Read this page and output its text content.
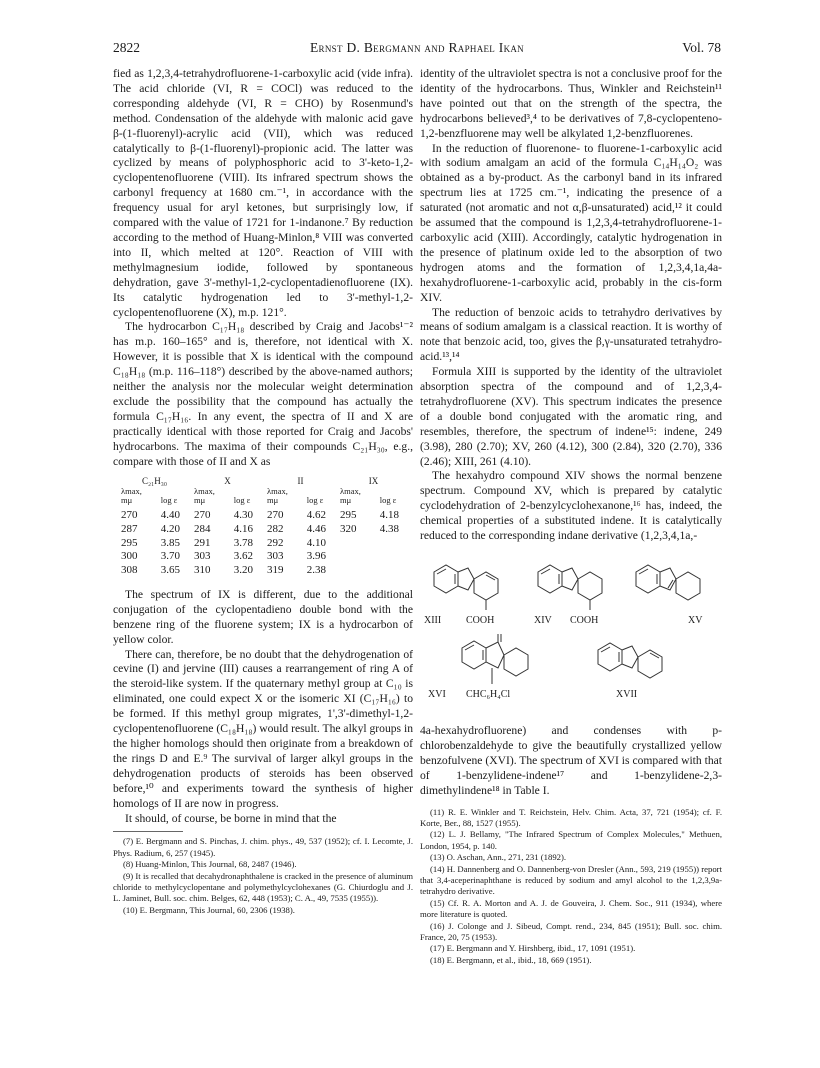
2822	Ernst D. Bergmann and Raphael Ikan	Vol. 78

fied as 1,2,3,4-tetrahydrofluorene-1-carboxylic acid (vide infra). The acid chloride (VI, R = COCl) was reduced to the corresponding aldehyde (VI, R = CHO) by Rosenmund's method. Condensation of the aldehyde with malonic acid gave β-(1-fluorenyl)-acrylic acid (VII), which was reduced catalytically to β-(1-fluorenyl)-propionic acid. The latter was cyclized by means of polyphosphoric acid to 3'-keto-1,2-cyclopentenofluorene (VIII). Its infrared spectrum shows the carbonyl frequency at 1680 cm.⁻¹, in accordance with the frequency usual for aryl ketones, but surprisingly low, if compared with the value of 1721 for 1-indanone.⁷ By reduction according to the method of Huang-Minlon,⁸ VIII was converted into II, which melted at 120°. Reaction of VIII with methylmagnesium iodide, followed by spontaneous dehydration, gave 3'-methyl-1,2-cyclopentadienofluorene (IX). Its catalytic hydrogenation led to 3'-methyl-1,2-cyclopentenofluorene (X), m.p. 121°.

The hydrocarbon C₁₇H₁₈ described by Craig and Jacobs¹⁻² has m.p. 160–165° and is, therefore, not identical with X. However, it is possible that X is identical with the compound C₁₈H₁₈ (m.p. 116–118°) described by the above-named authors; neither the analysis nor the molecular weight determination exclude the possibility that the compound has actually the formula C₁₇H₁₆. In any event, the spectra of II and X are practically identical with those reported for Craig and Jacobs' hydrocarbons. The maxima of their compounds C₂₁H₃₀, e.g., compare with those of II and X as

C₂₁H₃₀		X		II		IX	
λmax, mμ	log ε	λmax, mμ	log ε	λmax, mμ	log ε	λmax, mμ	log ε
270	4.40	270	4.30	270	4.62	295	4.18
287	4.20	284	4.16	282	4.46	320	4.38
295	3.85	291	3.78	292	4.10		
300	3.70	303	3.62	303	3.96		
308	3.65	310	3.20	319	2.38		

The spectrum of IX is different, due to the additional conjugation of the cyclopentadieno double bond with the benzene ring of the fluorene system; IX is a hydrocarbon of yellow color.

There can, therefore, be no doubt that the dehydrogenation of cevine (I) and jervine (III) causes a rearrangement of ring A of the steroid-like system. If the quaternary methyl group at C₁₀ is eliminated, one could expect X or the isomeric XI (C₁₇H₁₆) to be formed. If this methyl group migrates, 1',3'-dimethyl-1,2-cyclopentenofluorene (C₁₈H₁₈) would result. The alkyl groups in the higher homologs should then originate from a breakdown of the rings D and E.⁹ The survival of larger alkyl groups in the dehydrogenation products of steroids has been observed before,¹⁰ and experiments toward the synthesis of higher homologs of II are now in progress.

It should, of course, be borne in mind that the

(7) E. Bergmann and S. Pinchas, J. chim. phys., 49, 537 (1952); cf. I. Lecomte, J. Phys. Radium, 6, 257 (1945).

(8) Huang-Minlon, This Journal, 68, 2487 (1946).

(9) It is recalled that decahydronaphthalene is cracked in the presence of aluminum chloride to methylcyclopentane and polymethylcyclohexanes (G. Chiurdoglu and J. L. Jaminet, Bull. soc. chim. Belges, 62, 448 (1953); C. A., 49, 7535 (1955)).

(10) E. Bergmann, This Journal, 60, 2306 (1938).

identity of the ultraviolet spectra is not a conclusive proof for the identity of the hydrocarbons. Thus, Winkler and Reichstein¹¹ have pointed out that on the strength of the spectra, the hydrocarbons believed³,⁴ to be derivatives of 7,8-cyclopenteno-1,2-benzfluorene may well be alkylated 1,2-benzfluorenes.

In the reduction of fluorenone- to fluorene-1-carboxylic acid with sodium amalgam an acid of the formula C₁₄H₁₄O₂ was obtained as a by-product. As the carbonyl band in its infrared spectrum lies at 1725 cm.⁻¹, indicating the presence of a saturated (not aromatic and not α,β-unsaturated) acid,¹² it could be assumed that the compound is 1,2,3,4-tetrahydrofluorene-1-carboxylic acid (XIII). Accordingly, catalytic hydrogenation in the presence of platinum oxide led to the absorption of two hydrogen atoms and the formation of 1,2,3,4,1a,4a-hexahydrofluorene-1-carboxylic acid, probably in the cis-form XIV.

The reduction of benzoic acids to tetrahydro derivatives by means of sodium amalgam is a classical reaction. It is worthy of note that benzoic acid, too, gives the β,γ-unsaturated tetrahydro-acid.¹³,¹⁴

Formula XIII is supported by the identity of the ultraviolet absorption spectra of the compound and of 1,2,3,4-tetrahydrofluorene (XV). This spectrum indicates the presence of a double bond conjugated with the aromatic ring, and resembles, therefore, the spectrum of indene¹⁵: indene, 249 (3.98), 280 (2.70); XV, 260 (4.12), 300 (2.84), 320 (2.70), 336 (2.46); XIII, 261 (4.10).

The hexahydro compound XIV shows the normal benzene spectrum. Compound XV, which is prepared by catalytic cyclodehydration of 2-benzylcyclohexanone,¹⁶ has, indeed, the chemical properties of a substituted indene. It is catalytically reduced to the corresponding indane derivative (1,2,3,4,1a,-

XIII COOH	XIV COOH	XV
XVI CHC₆H₄Cl	XVII

4a-hexahydrofluorene) and condenses with p-chlorobenzaldehyde to give the beautifully crystallized yellow benzofulvene (XVI). The spectrum of XVI is compared with that of 1-benzylidene-indene¹⁷ and 1-benzylidene-2,3-dimethylindene¹⁸ in Table I.

(11) R. E. Winkler and T. Reichstein, Helv. Chim. Acta, 37, 721 (1954); cf. F. Korte, Ber., 88, 1527 (1955).

(12) L. J. Bellamy, "The Infrared Spectrum of Complex Molecules," Methuen, London, 1954, p. 140.

(13) O. Aschan, Ann., 271, 231 (1892).

(14) H. Dannenberg and O. Dannenberg-von Dresler (Ann., 593, 219 (1955)) report that 3,4-aceperinaphthane is reduced by sodium and amyl alcohol to the 1,2,3,9a-tetrahydro derivative.

(15) Cf. R. A. Morton and A. J. de Gouveira, J. Chem. Soc., 911 (1934), where more literature is quoted.

(16) J. Colonge and J. Sibeud, Compt. rend., 234, 845 (1951); Bull. soc. chim. France, 20, 75 (1953).

(17) E. Bergmann and Y. Hirshberg, ibid., 17, 1091 (1951).

(18) E. Bergmann, et al., ibid., 18, 669 (1951).
